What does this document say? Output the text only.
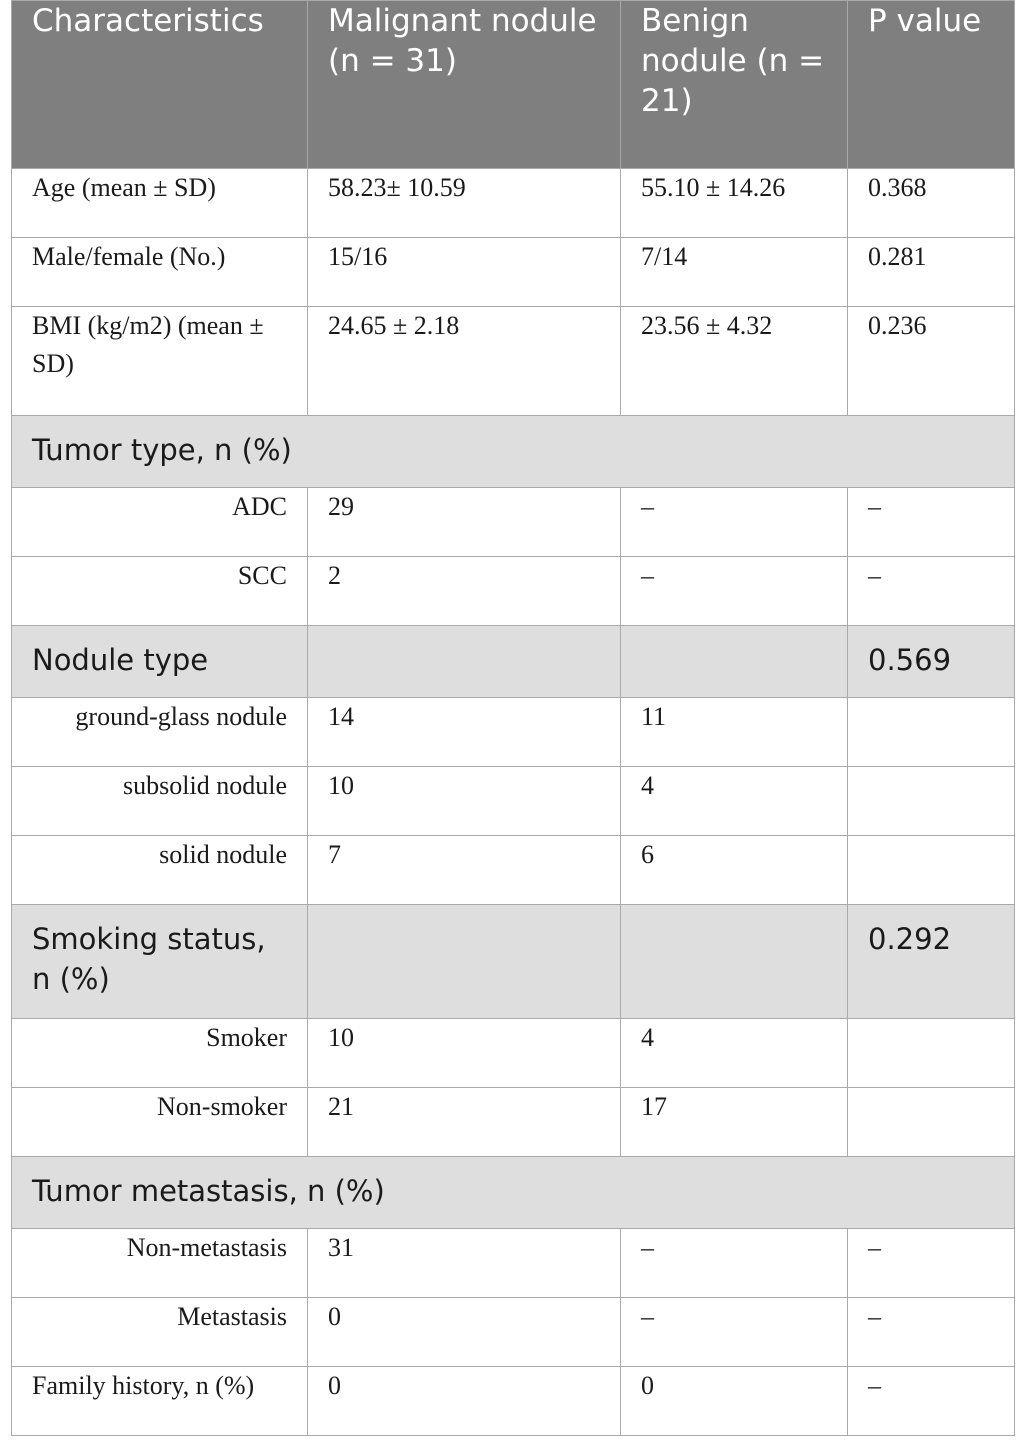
Characteristics	Malignant nodule (n = 31)	Benign nodule (n = 21)	P value
Age (mean ± SD)	58.23± 10.59	55.10 ± 14.26	0.368
Male/female (No.)	15/16	7/14	0.281
BMI (kg/m2) (mean ± SD)	24.65 ± 2.18	23.56 ± 4.32	0.236
Tumor type, n (%)			
ADC	29	–	–
SCC	2	–	–
Nodule type			0.569
ground-glass nodule	14	11	
subsolid nodule	10	4	
solid nodule	7	6	
Smoking status, n (%)			0.292
Smoker	10	4	
Non-smoker	21	17	
Tumor metastasis, n (%)			
Non-metastasis	31	–	–
Metastasis	0	–	–
Family history, n (%)	0	0	–
